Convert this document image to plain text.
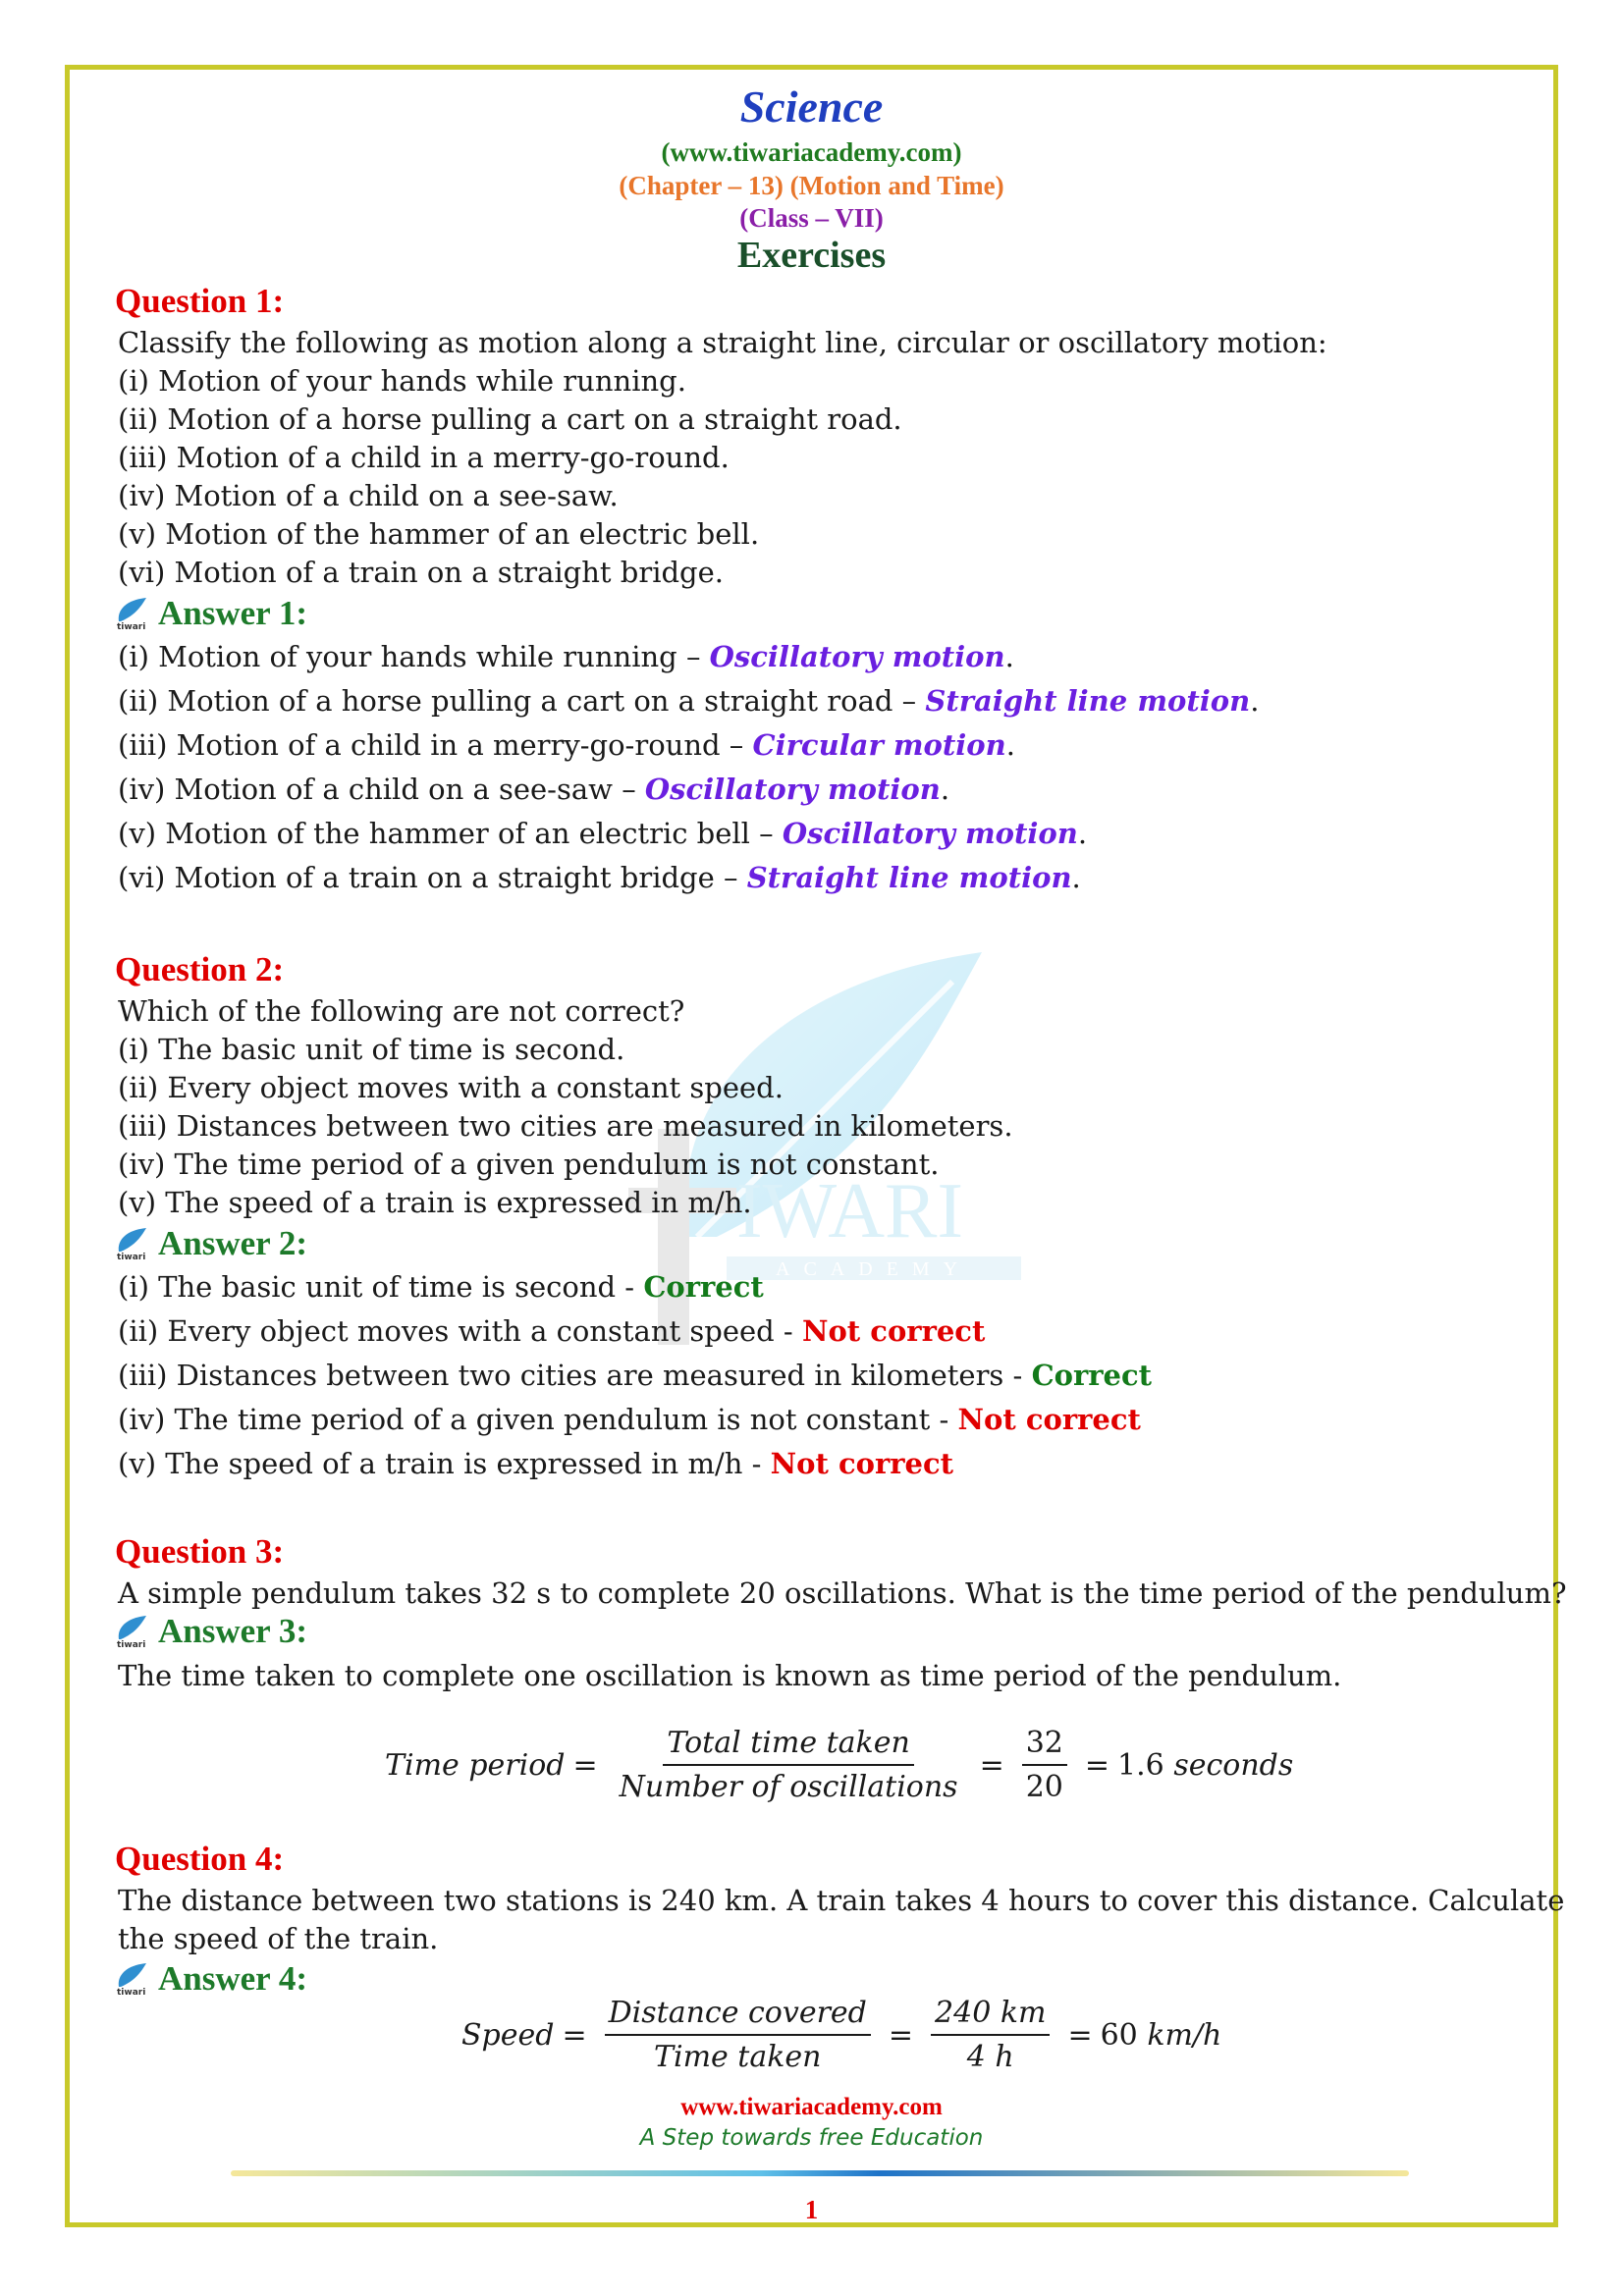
IWARI
ACADEMY
Science
(www.tiwariacademy.com)
(Chapter – 13) (Motion and Time)
(Class – VII)
Exercises
Question 1:
Classify the following as motion along a straight line, circular or oscillatory motion:
(i) Motion of your hands while running.
(ii) Motion of a horse pulling a cart on a straight road.
(iii) Motion of a child in a merry-go-round.
(iv) Motion of a child on a see-saw.
(v) Motion of the hammer of an electric bell.
(vi) Motion of a train on a straight bridge.
tiwari Answer 1:
(i) Motion of your hands while running – Oscillatory motion.
(ii) Motion of a horse pulling a cart on a straight road – Straight line motion.
(iii) Motion of a child in a merry-go-round – Circular motion.
(iv) Motion of a child on a see-saw – Oscillatory motion.
(v) Motion of the hammer of an electric bell – Oscillatory motion.
(vi) Motion of a train on a straight bridge – Straight line motion.
Question 2:
Which of the following are not correct?
(i) The basic unit of time is second.
(ii) Every object moves with a constant speed.
(iii) Distances between two cities are measured in kilometers.
(iv) The time period of a given pendulum is not constant.
(v) The speed of a train is expressed in m/h.
tiwari Answer 2:
(i) The basic unit of time is second - Correct
(ii) Every object moves with a constant speed - Not correct
(iii) Distances between two cities are measured in kilometers - Correct
(iv) The time period of a given pendulum is not constant - Not correct
(v) The speed of a train is expressed in m/h - Not correct
Question 3:
A simple pendulum takes 32 s to complete 20 oscillations. What is the time period of the pendulum?
tiwari Answer 3:
The time taken to complete one oscillation is known as time period of the pendulum.
Time period = $\frac{\text{Total time taken}}{\text{Number of oscillations}} = \frac{32}{20} = 1.6$
seconds
Question 4:
The distance between two stations is 240 km. A train takes 4 hours to cover this distance. Calculate
the speed of the train.
tiwari Answer 4:
Speed = $\frac{\text{Distance covered}}{\text{Time taken}} = \frac{240 km}{4 h} = 60$
km/h
www.tiwariacademy.com
A Step towards free Education
1
